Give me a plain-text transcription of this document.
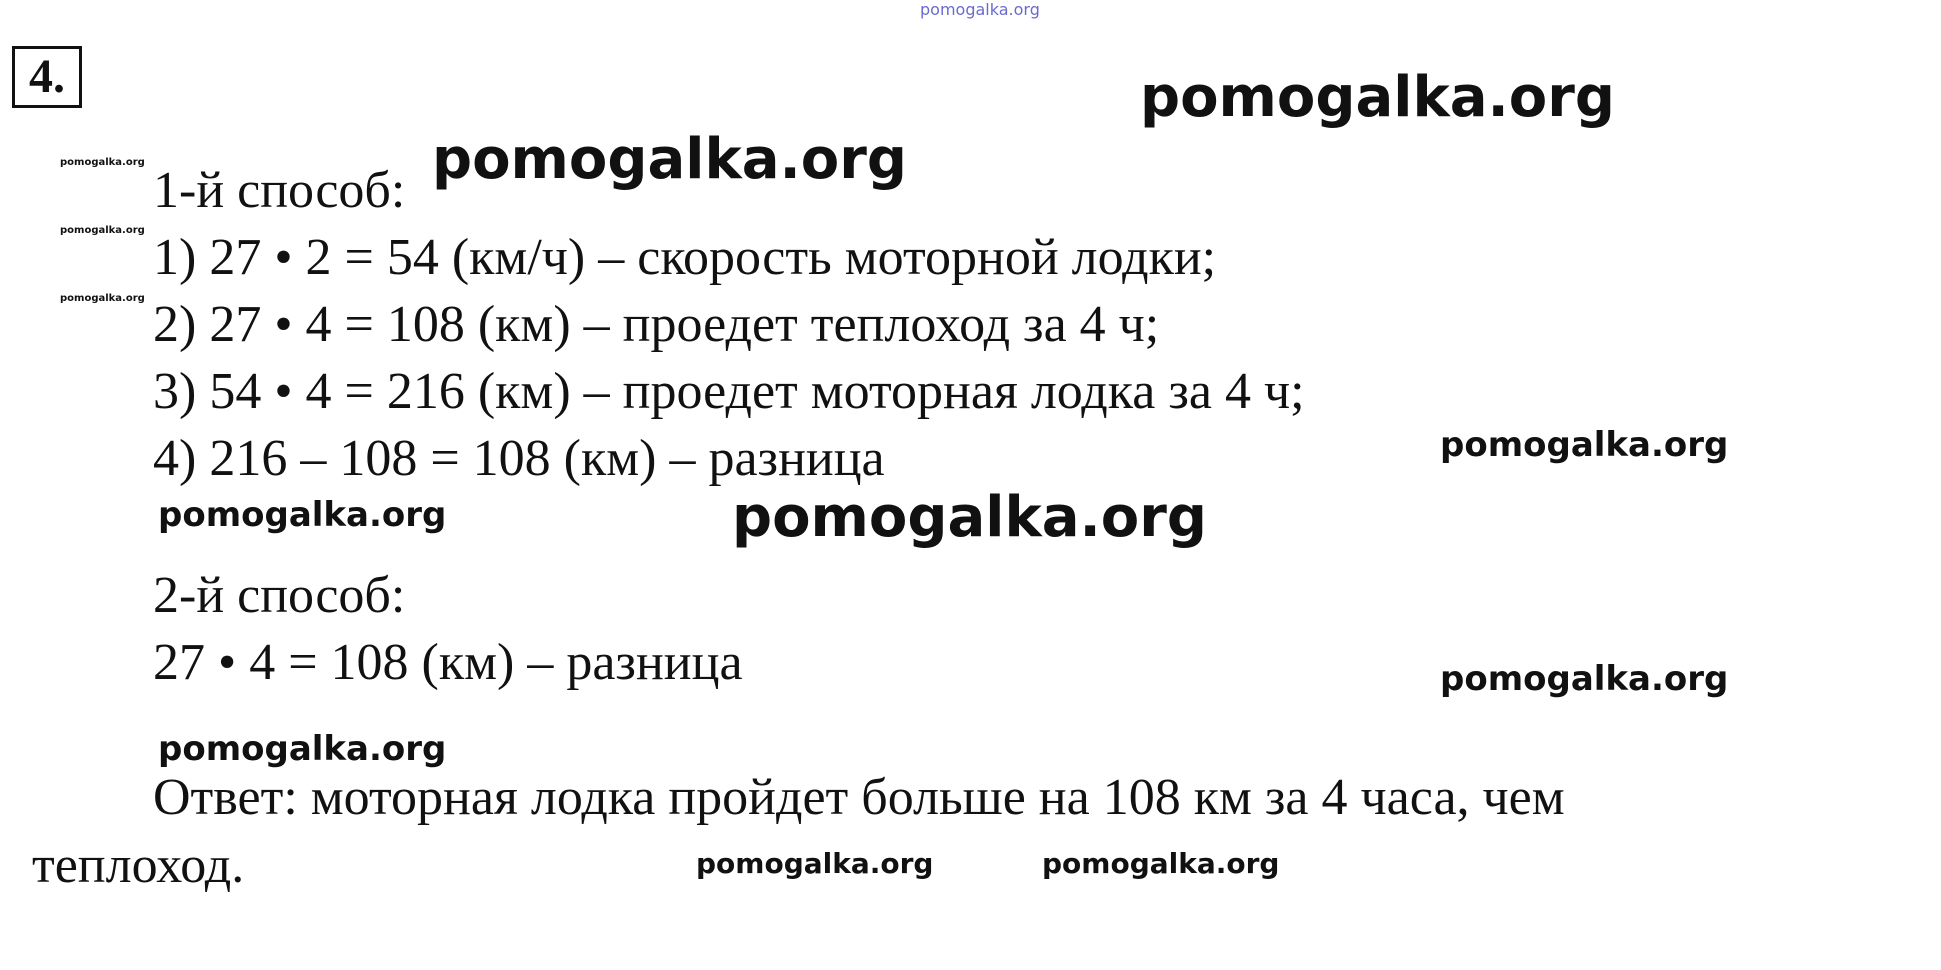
pomogalka.org
pomogalka.org
pomogalka.org
pomogalka.org
pomogalka.org
pomogalka.org
pomogalka.org
pomogalka.org	pomogalka.org
pomogalka.org
pomogalka.org
pomogalka.org	pomogalka.org
4.
1-й способ:
1) 27 • 2 = 54 (км/ч) – скорость моторной лодки;
2) 27 • 4 = 108 (км) – проедет теплоход за 4 ч;
3) 54 • 4 = 216 (км) – проедет моторная лодка за 4 ч;
4) 216 – 108 = 108 (км) – разница
2-й способ:
27 • 4 = 108 (км) – разница
Ответ: моторная лодка пройдет больше на 108 км за 4 часа, чем
теплоход.
